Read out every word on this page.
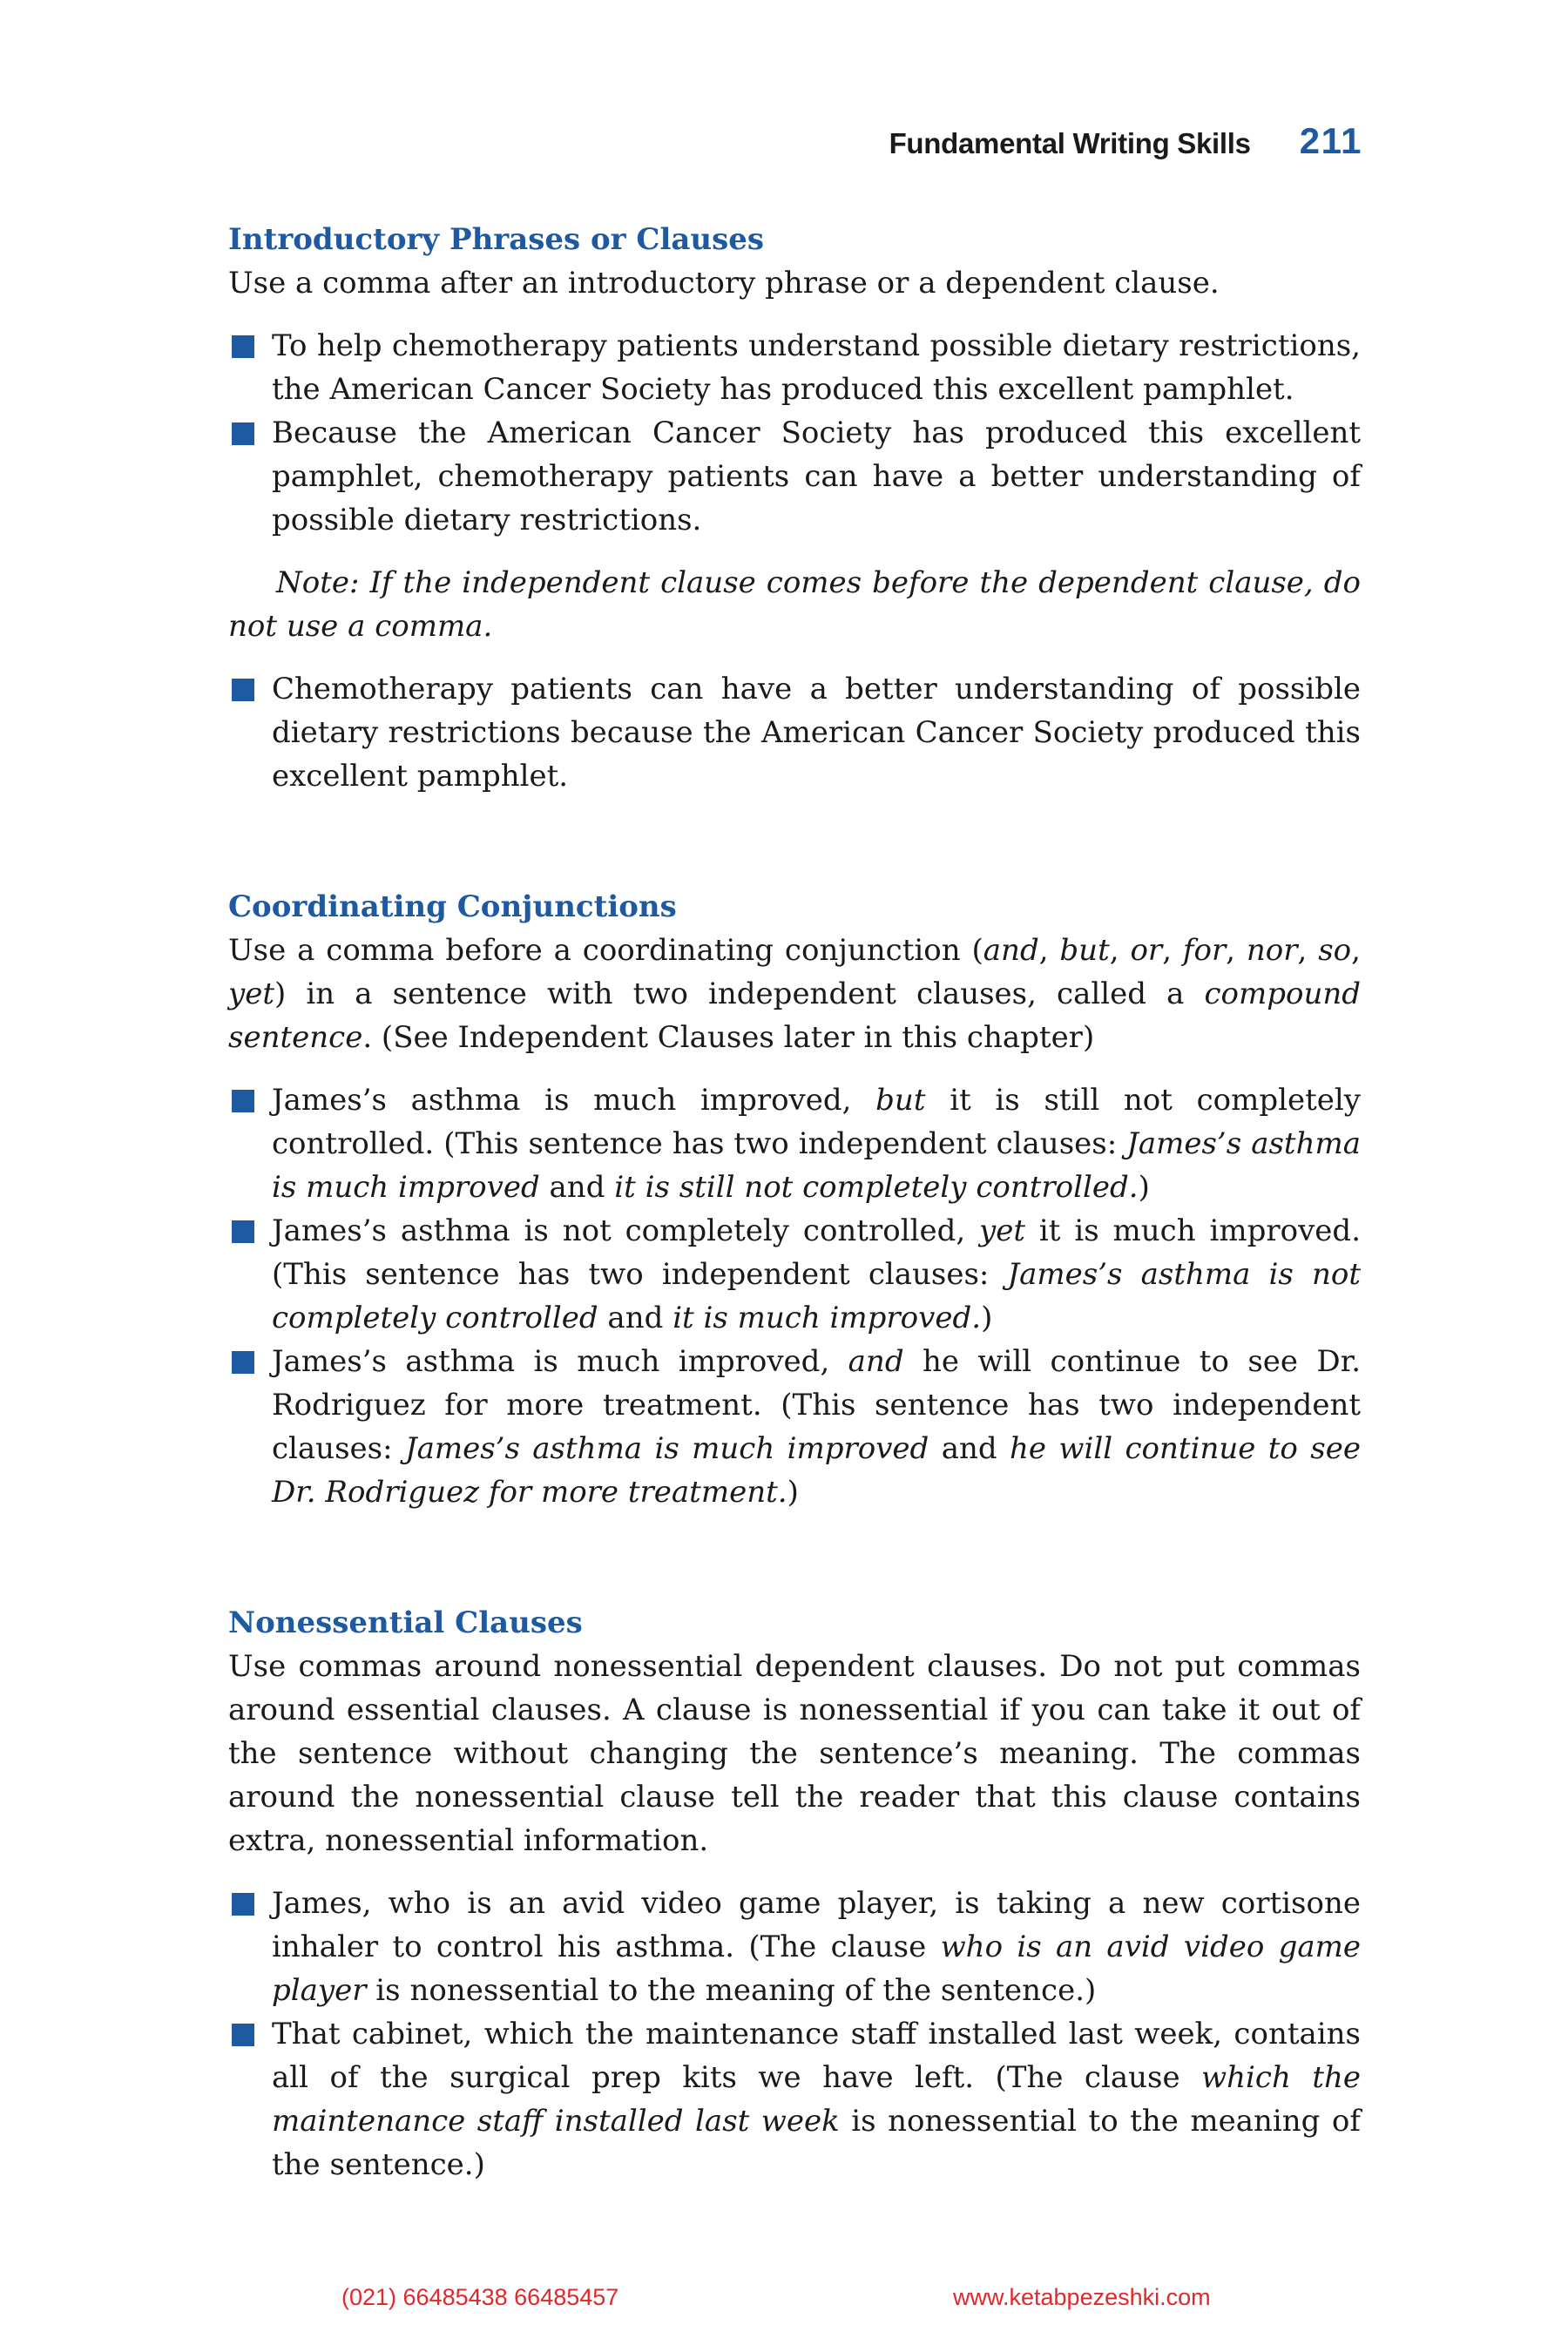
Fundamental Writing Skills 211
Introductory Phrases or Clauses

Use a comma after an introductory phrase or a dependent clause.

To help chemotherapy patients understand possible dietary restrictions, the American Cancer Society has produced this excellent pamphlet.
Because the American Cancer Society has produced this excellent pamphlet, chemotherapy patients can have a better understanding of possible dietary restrictions.

Note: If the independent clause comes before the dependent clause, do not use a comma.

Chemotherapy patients can have a better understanding of possible dietary restrictions because the American Cancer Society produced this excellent pamphlet.
Coordinating Conjunctions

Use a comma before a coordinating conjunction (and, but, or, for, nor, so, yet) in a sentence with two independent clauses, called a compound sentence. (See Independent Clauses later in this chapter)

James’s asthma is much improved, but it is still not completely controlled. (This sentence has two independent clauses: James’s asthma is much improved and it is still not completely controlled.)
James’s asthma is not completely controlled, yet it is much improved. (This sentence has two independent clauses: James’s asthma is not completely controlled and it is much improved.)
James’s asthma is much improved, and he will continue to see Dr. Rodriguez for more treatment. (This sentence has two independent clauses: James’s asthma is much improved and he will continue to see Dr. Rodriguez for more treatment.)
Nonessential Clauses

Use commas around nonessential dependent clauses. Do not put commas around essential clauses. A clause is nonessential if you can take it out of the sentence without changing the sentence’s meaning. The commas around the nonessential clause tell the reader that this clause contains extra, nonessential information.

James, who is an avid video game player, is taking a new cortisone inhaler to control his asthma. (The clause who is an avid video game player is nonessential to the meaning of the sentence.)
That cabinet, which the maintenance staff installed last week, contains all of the surgical prep kits we have left. (The clause which the maintenance staff installed last week is nonessential to the meaning of the sentence.)
(021) 66485438 66485457	www.ketabpezeshki.com
